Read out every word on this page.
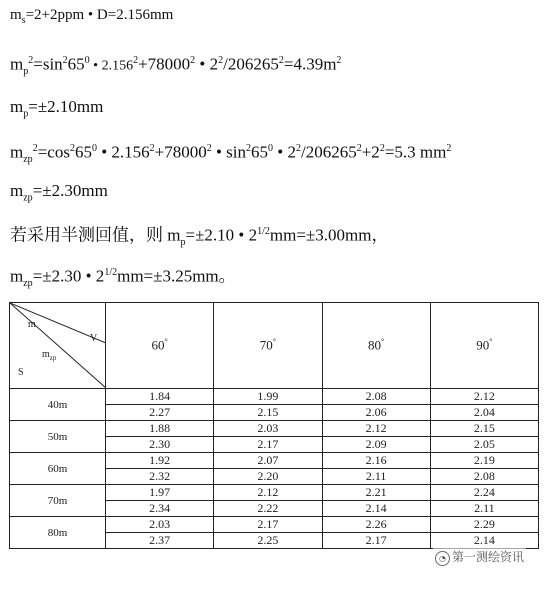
$m_s=2+2ppm$ • D=2.156mm
$m_p^2=\sin^265^0$ • $2.156^2+78000^2$ • $2^2/206265^2=4.39m^2$
$m_p=\pm 2.10mm$
$m_{zp}^2=\cos^265^0$ • $2.156^2+78000^2$ • $\sin^265^0$ • $2^2/206265^2+2^2=5.3$ $mm^2$
$m_{zp}=\pm 2.30mm$
若采用半测回值，则 $m_p=\pm 2.10$ • $2^{1/2}mm=\pm 3.00mm$，
$m_{zp}=\pm 2.30$ • $2^{1/2}mm=\pm 3.25mm$。
m
V
$m_{zp}$
S	60°	70°	80°	90°
40m	1.84	1.99	2.08	2.12
	2.27	2.15	2.06	2.04
50m	1.88	2.03	2.12	2.15
	2.30	2.17	2.09	2.05
60m	1.92	2.07	2.16	2.19
	2.32	2.20	2.11	2.08
70m	1.97	2.12	2.21	2.24
	2.34	2.22	2.14	2.11
80m	2.03	2.17	2.26	2.29
	2.37	2.25	2.17	2.14
◔ 第一测绘资讯
